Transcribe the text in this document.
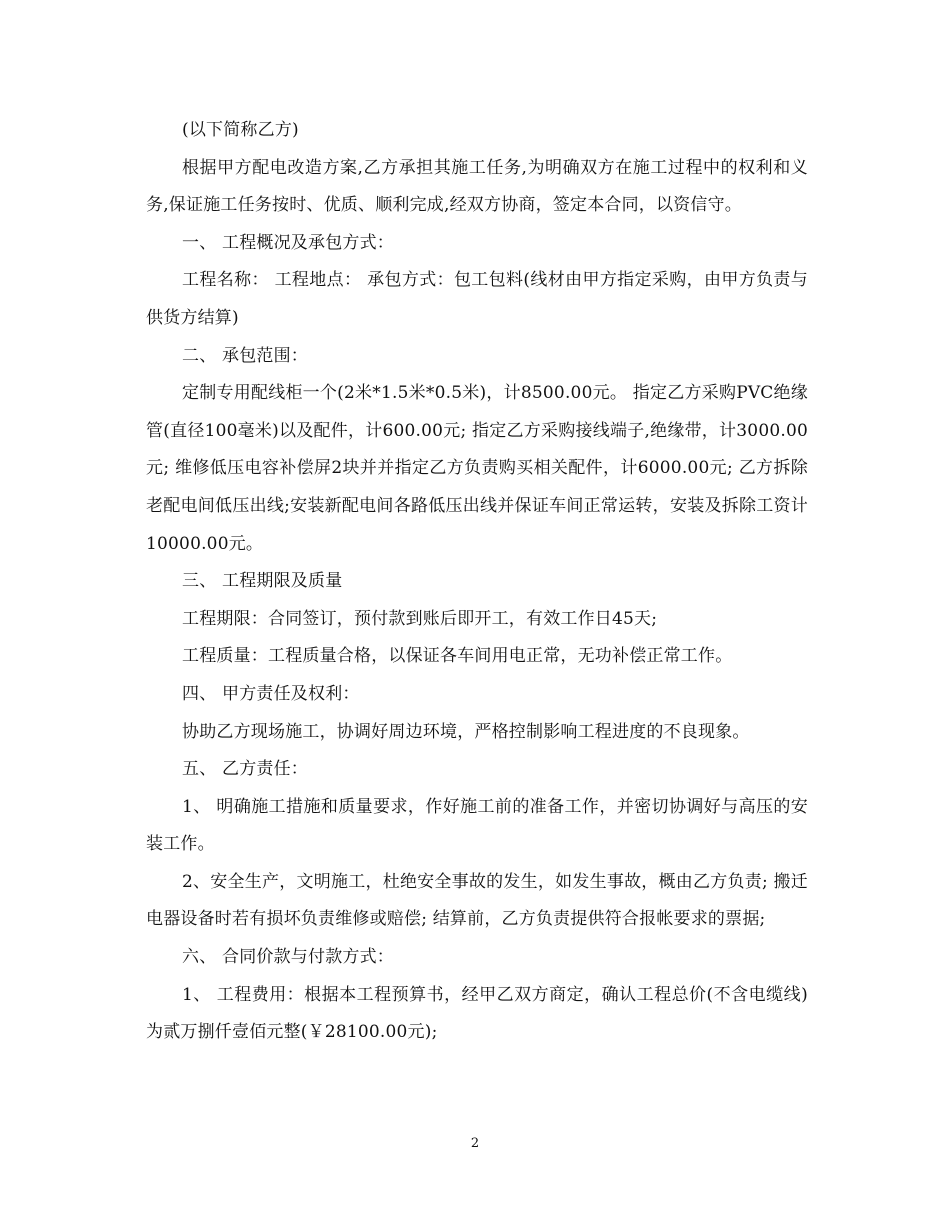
(以下简称乙方)

根据甲方配电改造方案,乙方承担其施工任务,为明确双方在施工过程中的权利和义务,保证施工任务按时、优质、顺利完成,经双方协商，签定本合同，以资信守。

一、 工程概况及承包方式：

工程名称： 工程地点： 承包方式：包工包料(线材由甲方指定采购，由甲方负责与供货方结算)

二、 承包范围：

定制专用配线柜一个(2米*1.5米*0.5米)，计8500.00元。 指定乙方采购PVC绝缘管(直径100毫米)以及配件，计600.00元; 指定乙方采购接线端子,绝缘带，计3000.00元; 维修低压电容补偿屏2块并并指定乙方负责购买相关配件，计6000.00元; 乙方拆除老配电间低压出线;安装新配电间各路低压出线并保证车间正常运转，安装及拆除工资计10000.00元。

三、 工程期限及质量

工程期限：合同签订，预付款到账后即开工，有效工作日45天;

工程质量：工程质量合格，以保证各车间用电正常，无功补偿正常工作。

四、 甲方责任及权利：

协助乙方现场施工，协调好周边环境，严格控制影响工程进度的不良现象。

五、 乙方责任：

1、 明确施工措施和质量要求，作好施工前的准备工作，并密切协调好与高压的安装工作。

2、安全生产，文明施工，杜绝安全事故的发生，如发生事故，概由乙方负责; 搬迁电器设备时若有损坏负责维修或赔偿; 结算前，乙方负责提供符合报帐要求的票据;

六、 合同价款与付款方式：

1、 工程费用：根据本工程预算书，经甲乙双方商定，确认工程总价(不含电缆线)为贰万捌仟壹佰元整(￥28100.00元);

2
